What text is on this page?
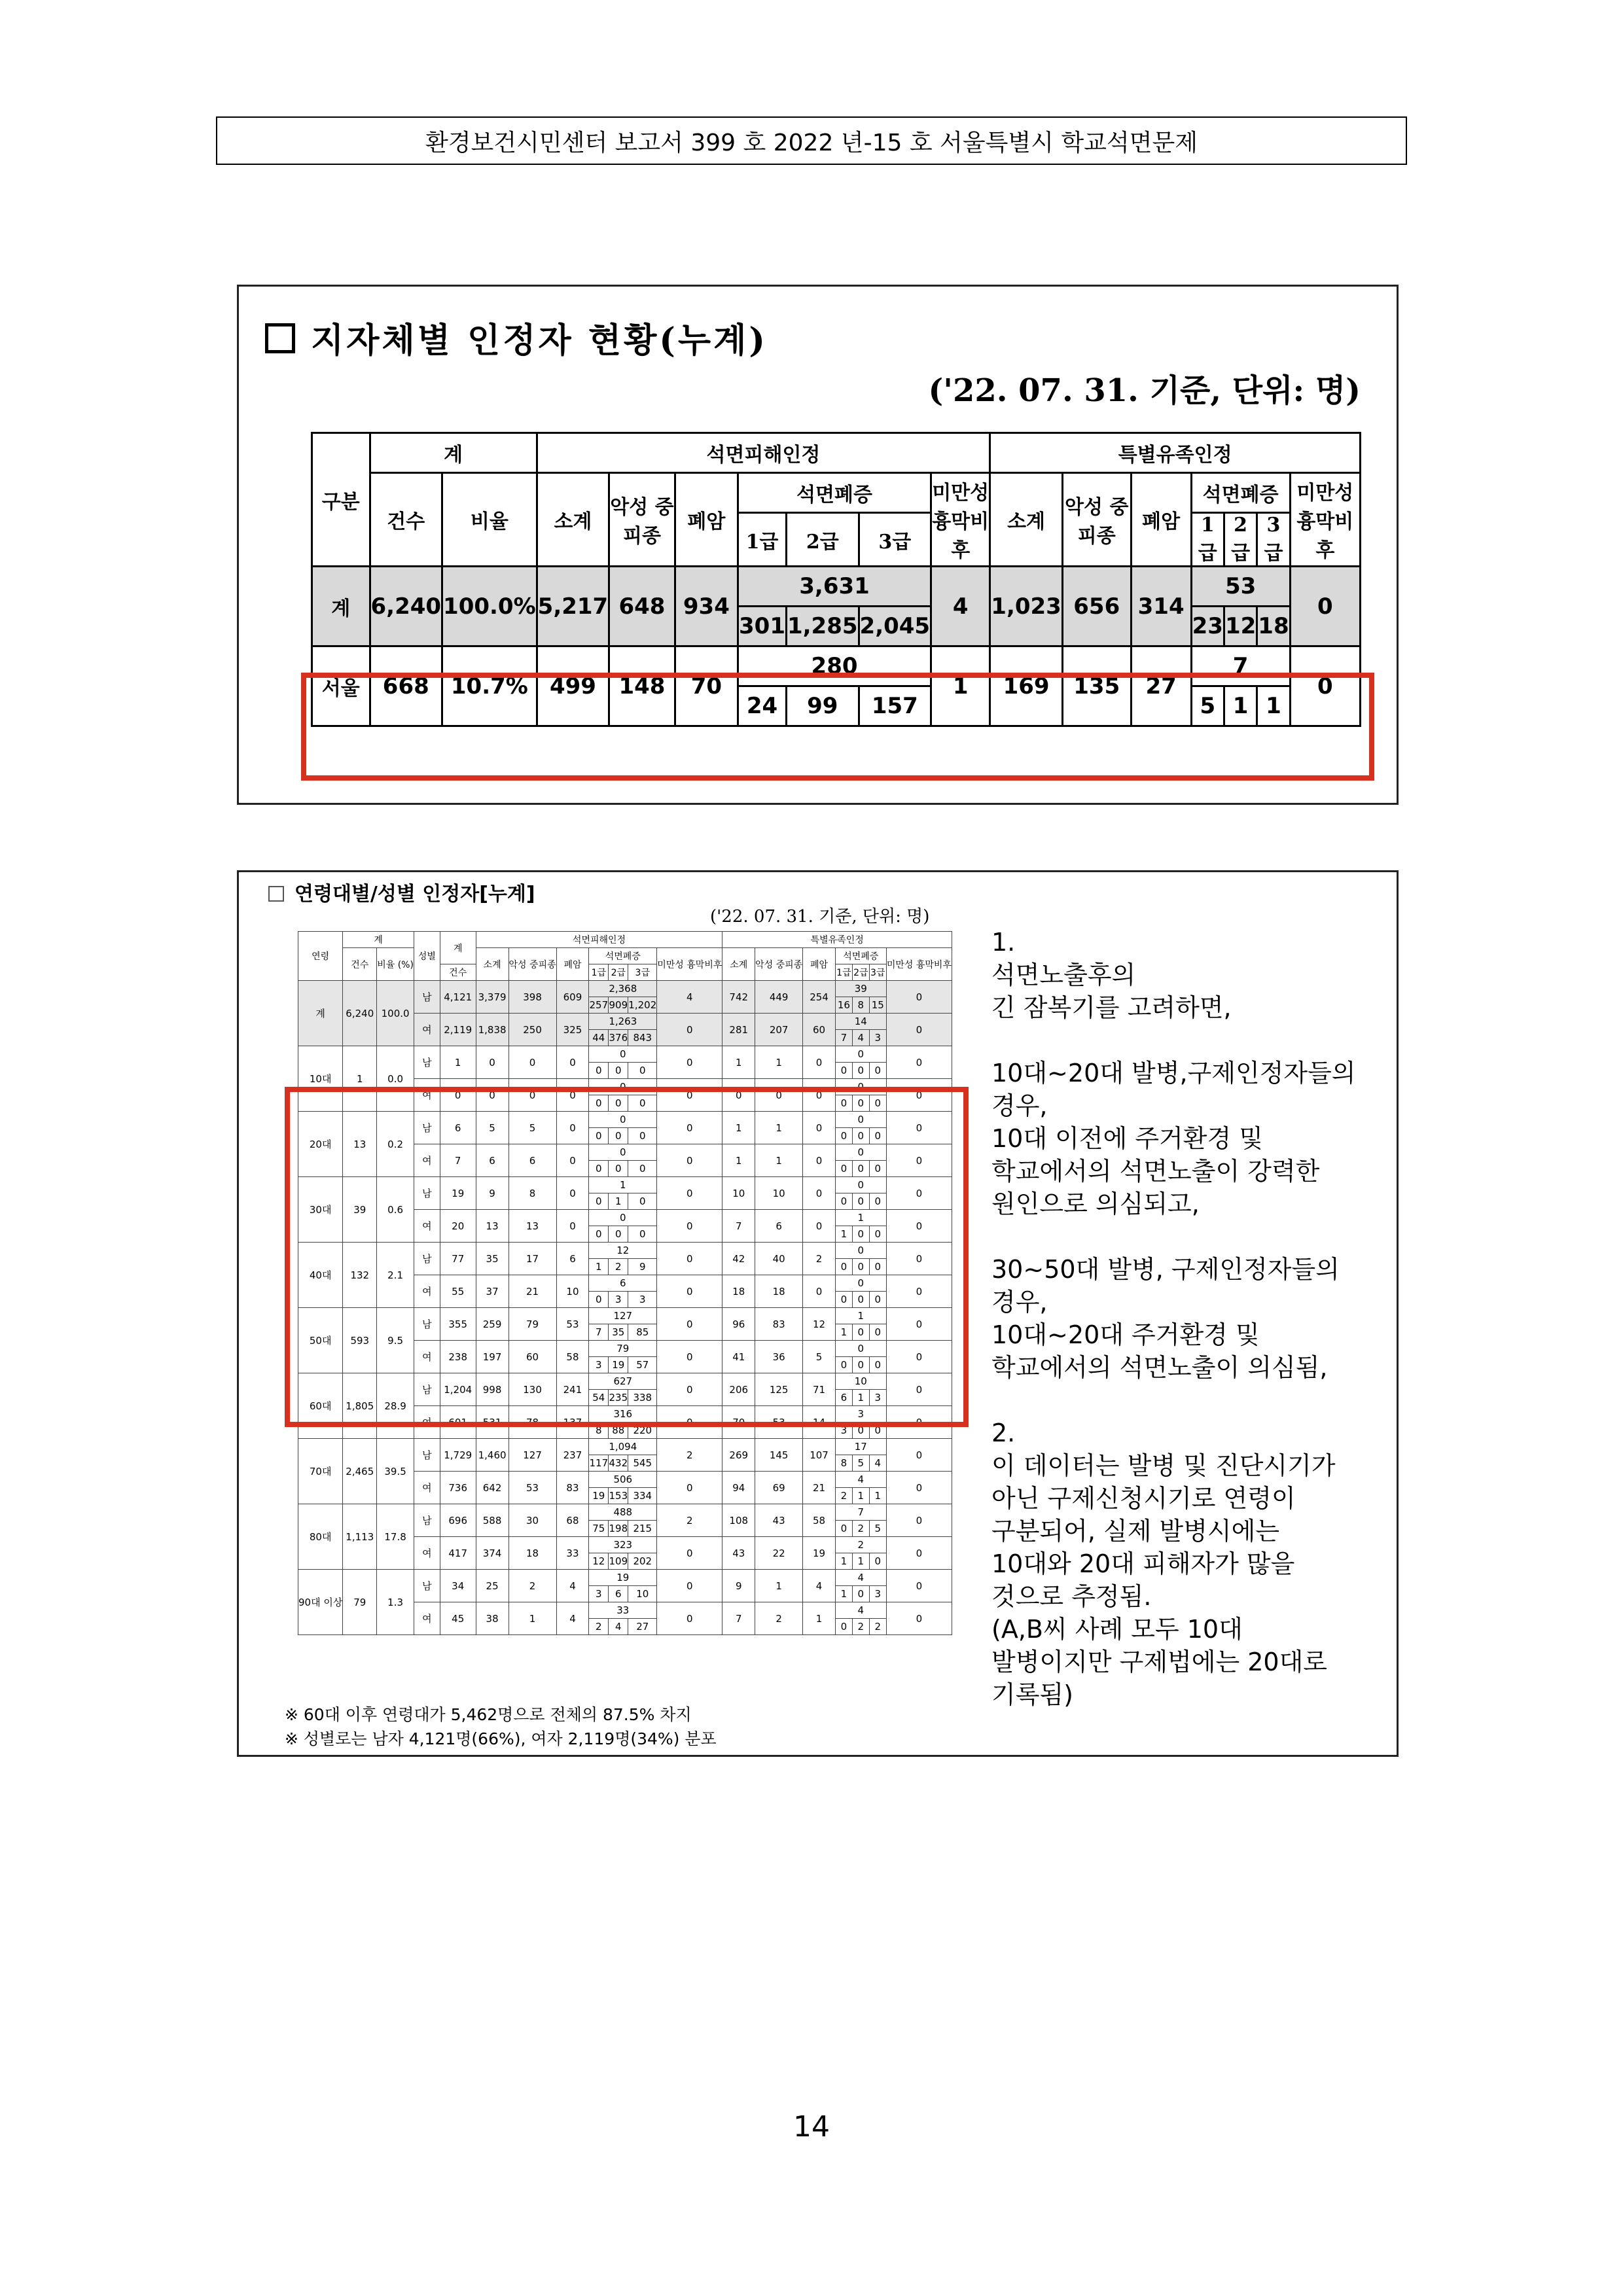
환경보건시민센터 보고서 399 호 2022 년-15 호 서울특별시 학교석면문제
지자체별 인정자 현황(누계)
('22. 07. 31. 기준, 단위: 명)
구분	계		석면피해인정							특별유족인정						
	건수	비율	소계	악성 중피종	폐암	석면폐증			미만성 흉막비후	소계	악성 중피종	폐암	석면폐증			미만성 흉막비후
						1급	2급	3급					1급	2급	3급	
계	6,240	100.0%	5,217	648	934	3,631			4	1,023	656	314	53			0
						301	1,285	2,045					23	12	18	
서울	668	10.7%	499	148	70	280			1	169	135	27	7			0
						24	99	157					5	1	1	
연령대별/성별 인정자[누계]
('22. 07. 31. 기준, 단위: 명)
연령	계		성별	계	석면피해인정							특별유족인정						
	건수	비율 (%)			소계	악성 중피종	폐암	석면폐증			미만성 흉막비후	소계	악성 중피종	폐암	석면폐증			미만성 흉막비후
				건수				1급	2급	3급					1급	2급	3급	
계	6,240	100.0	남	4,121	3,379	398	609	2,368			4	742	449	254	39			0
								257	909	1,202					16	8	15	
			여	2,119	1,838	250	325	1,263			0	281	207	60	14			0
								44	376	843					7	4	3	
10대	1	0.0	남	1	0	0	0	0			0	1	1	0	0			0
								0	0	0					0	0	0	
			여	0	0	0	0	0			0	0	0	0	0			0
								0	0	0					0	0	0	
20대	13	0.2	남	6	5	5	0	0			0	1	1	0	0			0
								0	0	0					0	0	0	
			여	7	6	6	0	0			0	1	1	0	0			0
								0	0	0					0	0	0	
30대	39	0.6	남	19	9	8	0	1			0	10	10	0	0			0
								0	1	0					0	0	0	
			여	20	13	13	0	0			0	7	6	0	1			0
								0	0	0					1	0	0	
40대	132	2.1	남	77	35	17	6	12			0	42	40	2	0			0
								1	2	9					0	0	0	
			여	55	37	21	10	6			0	18	18	0	0			0
								0	3	3					0	0	0	
50대	593	9.5	남	355	259	79	53	127			0	96	83	12	1			0
								7	35	85					1	0	0	
			여	238	197	60	58	79			0	41	36	5	0			0
								3	19	57					0	0	0	
60대	1,805	28.9	남	1,204	998	130	241	627			0	206	125	71	10			0
								54	235	338					6	1	3	
			여	601	531	78	137	316			0	70	53	14	3			0
								8	88	220					3	0	0	
70대	2,465	39.5	남	1,729	1,460	127	237	1,094			2	269	145	107	17			0
								117	432	545					8	5	4	
			여	736	642	53	83	506			0	94	69	21	4			0
								19	153	334					2	1	1	
80대	1,113	17.8	남	696	588	30	68	488			2	108	43	58	7			0
								75	198	215					0	2	5	
			여	417	374	18	33	323			0	43	22	19	2			0
								12	109	202					1	1	0	
90대 이상	79	1.3	남	34	25	2	4	19			0	9	1	4	4			0
								3	6	10					1	0	3	
			여	45	38	1	4	33			0	7	2	1	4			0
								2	4	27					0	2	2	
※ 60대 이후 연령대가 5,462명으로 전체의 87.5% 차지
※ 성별로는 남자 4,121명(66%), 여자 2,119명(34%) 분포

1.

석면노출후의

긴 잠복기를 고려하면,

10대~20대 발병,구제인정자들의

경우,

10대 이전에 주거환경 및

학교에서의 석면노출이 강력한

원인으로 의심되고,

30~50대 발병, 구제인정자들의

경우,

10대~20대 주거환경 및

학교에서의 석면노출이 의심됨,

2.

이 데이터는 발병 및 진단시기가

아닌 구제신청시기로 연령이

구분되어, 실제 발병시에는

10대와 20대 피해자가 많을

것으로 추정됨.

(A,B씨 사례 모두 10대

발병이지만 구제법에는 20대로

기록됨)

14
